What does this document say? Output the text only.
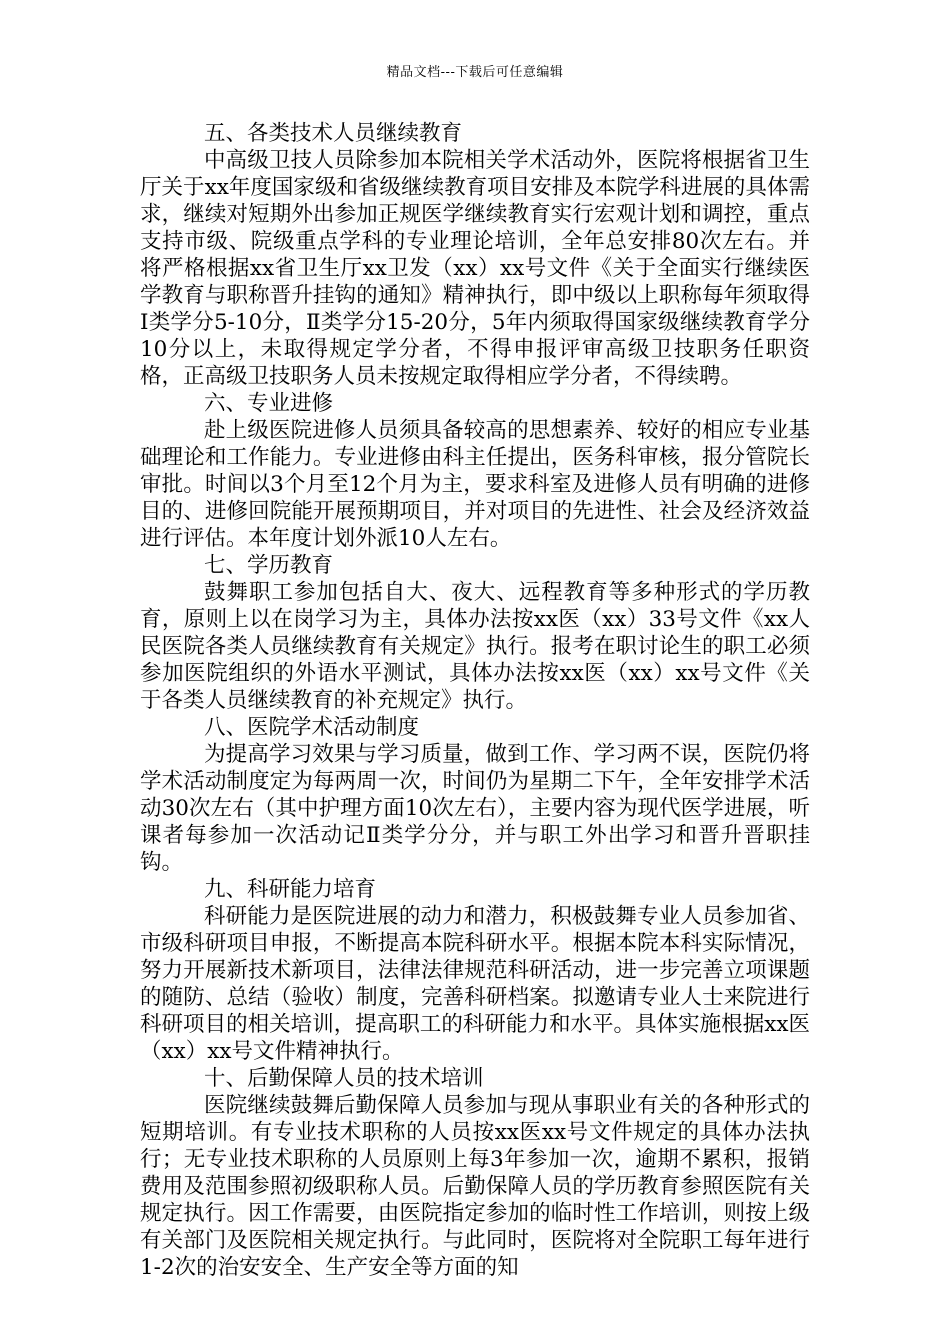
精品文档---下载后可任意编辑
五、各类技术人员继续教育

中高级卫技人员除参加本院相关学术活动外，医院将根据省卫生厅关于xx年度国家级和省级继续教育项目安排及本院学科进展的具体需求，继续对短期外出参加正规医学继续教育实行宏观计划和调控，重点支持市级、院级重点学科的专业理论培训，全年总安排80次左右。并将严格根据xx省卫生厅xx卫发（xx）xx号文件《关于全面实行继续医学教育与职称晋升挂钩的通知》精神执行，即中级以上职称每年须取得Ⅰ类学分5-10分，Ⅱ类学分15-20分，5年内须取得国家级继续教育学分10分以上，未取得规定学分者，不得申报评审高级卫技职务任职资格，正高级卫技职务人员未按规定取得相应学分者，不得续聘。

六、专业进修

赴上级医院进修人员须具备较高的思想素养、较好的相应专业基础理论和工作能力。专业进修由科主任提出，医务科审核，报分管院长审批。时间以3个月至12个月为主，要求科室及进修人员有明确的进修目的、进修回院能开展预期项目，并对项目的先进性、社会及经济效益进行评估。本年度计划外派10人左右。

七、学历教育

鼓舞职工参加包括自大、夜大、远程教育等多种形式的学历教育，原则上以在岗学习为主，具体办法按xx医（xx）33号文件《xx人民医院各类人员继续教育有关规定》执行。报考在职讨论生的职工必须参加医院组织的外语水平测试，具体办法按xx医（xx）xx号文件《关于各类人员继续教育的补充规定》执行。

八、医院学术活动制度

为提高学习效果与学习质量，做到工作、学习两不误，医院仍将学术活动制度定为每两周一次，时间仍为星期二下午，全年安排学术活动30次左右（其中护理方面10次左右），主要内容为现代医学进展，听课者每参加一次活动记Ⅱ类学分分，并与职工外出学习和晋升晋职挂钩。

九、科研能力培育

科研能力是医院进展的动力和潜力，积极鼓舞专业人员参加省、市级科研项目申报，不断提高本院科研水平。根据本院本科实际情况，努力开展新技术新项目，法律法律规范科研活动，进一步完善立项课题的随防、总结（验收）制度，完善科研档案。拟邀请专业人士来院进行科研项目的相关培训，提高职工的科研能力和水平。具体实施根据xx医（xx）xx号文件精神执行。

十、后勤保障人员的技术培训

医院继续鼓舞后勤保障人员参加与现从事职业有关的各种形式的短期培训。有专业技术职称的人员按xx医xx号文件规定的具体办法执行；无专业技术职称的人员原则上每3年参加一次，逾期不累积，报销费用及范围参照初级职称人员。后勤保障人员的学历教育参照医院有关规定执行。因工作需要，由医院指定参加的临时性工作培训，则按上级有关部门及医院相关规定执行。与此同时，医院将对全院职工每年进行1-2次的治安安全、生产安全等方面的知
